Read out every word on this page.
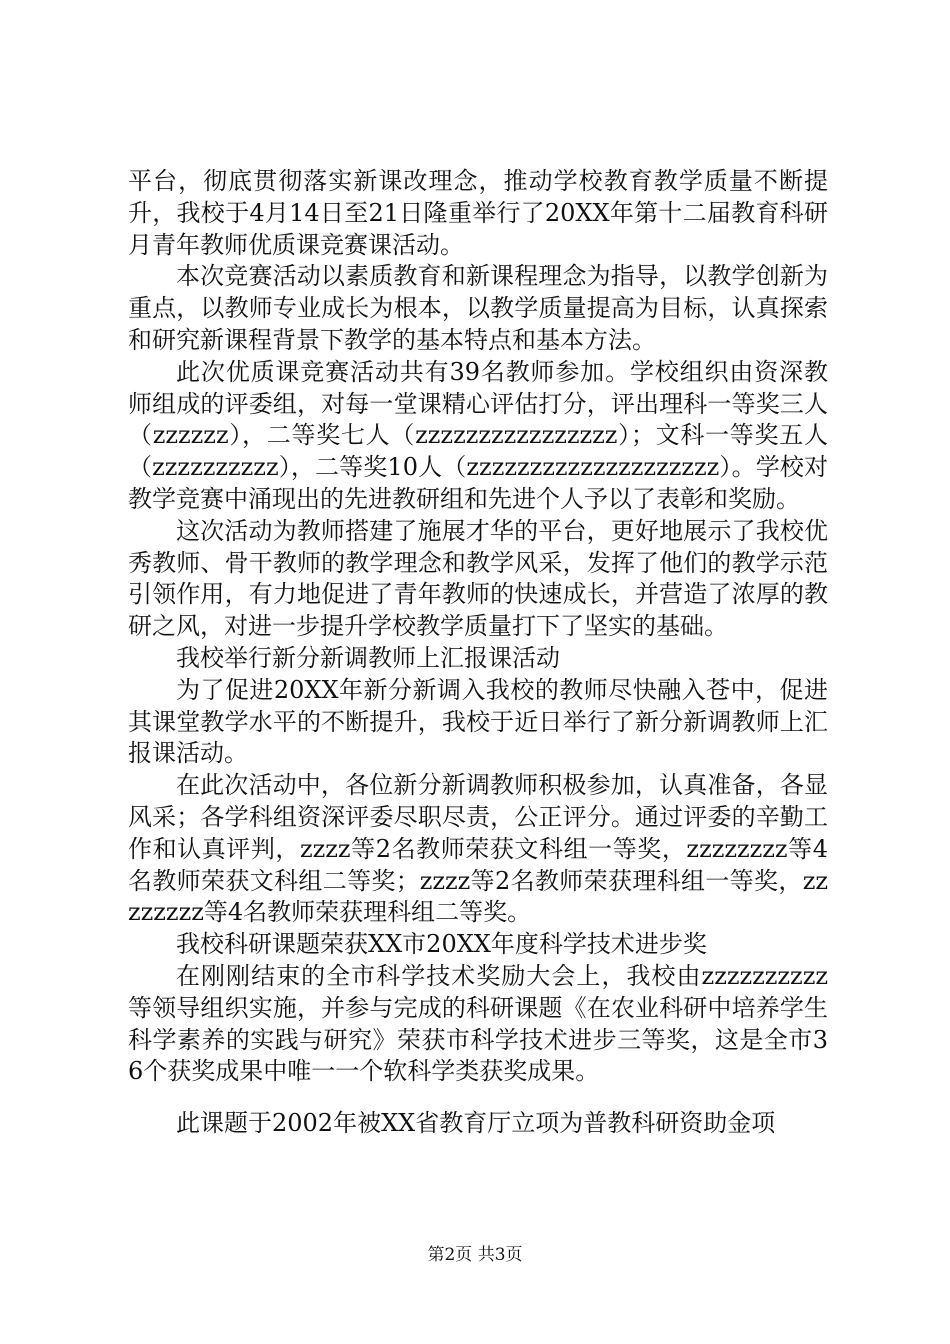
平台，彻底贯彻落实新课改理念，推动学校教育教学质量不断提升，我校于4月14日至21日隆重举行了20XX年第十二届教育科研月青年教师优质课竞赛课活动。

本次竞赛活动以素质教育和新课程理念为指导，以教学创新为重点，以教师专业成长为根本，以教学质量提高为目标，认真探索和研究新课程背景下教学的基本特点和基本方法。

此次优质课竞赛活动共有39名教师参加。学校组织由资深教师组成的评委组，对每一堂课精心评估打分，评出理科一等奖三人（zzzzzz），二等奖七人（zzzzzzzzzzzzzzzz）；文科一等奖五人（zzzzzzzzzz），二等奖10人（zzzzzzzzzzzzzzzzzzzz）。学校对教学竞赛中涌现出的先进教研组和先进个人予以了表彰和奖励。

这次活动为教师搭建了施展才华的平台，更好地展示了我校优秀教师、骨干教师的教学理念和教学风采，发挥了他们的教学示范引领作用，有力地促进了青年教师的快速成长，并营造了浓厚的教研之风，对进一步提升学校教学质量打下了坚实的基础。

我校举行新分新调教师上汇报课活动

为了促进20XX年新分新调入我校的教师尽快融入苍中，促进其课堂教学水平的不断提升，我校于近日举行了新分新调教师上汇报课活动。

在此次活动中，各位新分新调教师积极参加，认真准备，各显风采；各学科组资深评委尽职尽责，公正评分。通过评委的辛勤工作和认真评判，zzzz等2名教师荣获文科组一等奖，zzzzzzzz等4名教师荣获文科组二等奖；zzzz等2名教师荣获理科组一等奖，zzzzzzzz等4名教师荣获理科组二等奖。

我校科研课题荣获XX市20XX年度科学技术进步奖

在刚刚结束的全市科学技术奖励大会上，我校由zzzzzzzzzz等领导组织实施，并参与完成的科研课题《在农业科研中培养学生科学素养的实践与研究》荣获市科学技术进步三等奖，这是全市36个获奖成果中唯一一个软科学类获奖成果。

此课题于2002年被XX省教育厅立项为普教科研资助金项

第2页 共3页
